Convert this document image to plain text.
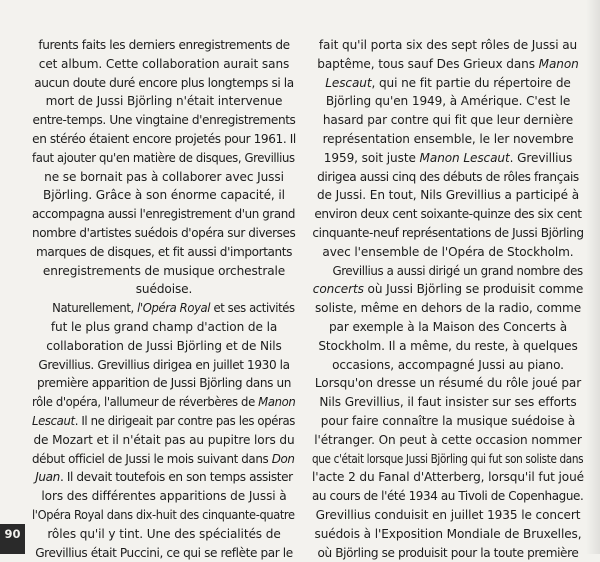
furents faits les derniers enregistrements de
cet album. Cette collaboration aurait sans
aucun doute duré encore plus longtemps si la
mort de Jussi Björling n'était intervenue
entre-temps. Une vingtaine d'enregistrements
en stéréo étaient encore projetés pour 1961. Il
faut ajouter qu'en matière de disques, Grevillius
ne se bornait pas à collaborer avec Jussi
Björling. Grâce à son énorme capacité, il
accompagna aussi l'enregistrement d'un grand
nombre d'artistes suédois d'opéra sur diverses
marques de disques, et fit aussi d'importants
enregistrements de musique orchestrale
suédoise.
Naturellement, l'Opéra Royal et ses activités
fut le plus grand champ d'action de la
collaboration de Jussi Björling et de Nils
Grevillius. Grevillius dirigea en juillet 1930 la
première apparition de Jussi Björling dans un
rôle d'opéra, l'allumeur de réverbères de Manon
Lescaut. Il ne dirigeait par contre pas les opéras
de Mozart et il n'était pas au pupitre lors du
début officiel de Jussi le mois suivant dans Don
Juan. Il devait toutefois en son temps assister
lors des différentes apparitions de Jussi à
l'Opéra Royal dans dix-huit des cinquante-quatre
rôles qu'il y tint. Une des spécialités de
Grevillius était Puccini, ce qui se reflète par le
fait qu'il porta six des sept rôles de Jussi au
baptême, tous sauf Des Grieux dans Manon
Lescaut, qui ne fit partie du répertoire de
Björling qu'en 1949, à Amérique. C'est le
hasard par contre qui fit que leur dernière
représentation ensemble, le ler novembre
1959, soit juste Manon Lescaut. Grevillius
dirigea aussi cinq des débuts de rôles français
de Jussi. En tout, Nils Grevillius a participé à
environ deux cent soixante-quinze des six cent
cinquante-neuf représentations de Jussi Björling
avec l'ensemble de l'Opéra de Stockholm.
Grevillius a aussi dirigé un grand nombre des
concerts où Jussi Björling se produisit comme
soliste, même en dehors de la radio, comme
par exemple à la Maison des Concerts à
Stockholm. Il a même, du reste, à quelques
occasions, accompagné Jussi au piano.
Lorsqu'on dresse un résumé du rôle joué par
Nils Grevillius, il faut insister sur ses efforts
pour faire connaître la musique suédoise à
l'étranger. On peut à cette occasion nommer
que c'était lorsque Jussi Björling qui fut son soliste dans
l'acte 2 du Fanal d'Atterberg, lorsqu'il fut joué
au cours de l'été 1934 au Tivoli de Copenhague.
Grevillius conduisit en juillet 1935 le concert
suédois à l'Exposition Mondiale de Bruxelles,
où Björling se produisit pour la toute première
90
